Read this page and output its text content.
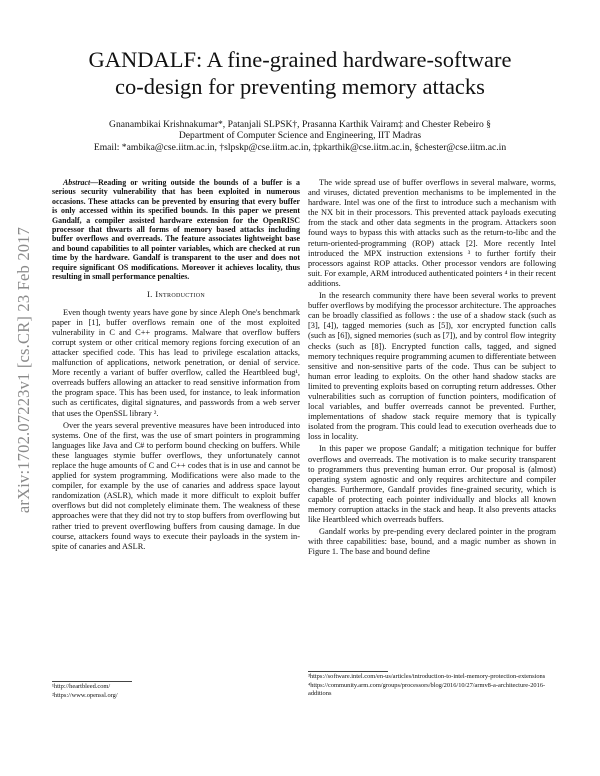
arXiv:1702.07223v1 [cs.CR] 23 Feb 2017
GANDALF: A fine-grained hardware-software
co-design for preventing memory attacks
Gnanambikai Krishnakumar*, Patanjali SLPSK†, Prasanna Karthik Vairam‡ and Chester Rebeiro §
Department of Computer Science and Engineering, IIT Madras
Email: *ambika@cse.iitm.ac.in, †slpskp@cse.iitm.ac.in, ‡pkarthik@cse.iitm.ac.in, §chester@cse.iitm.ac.in

Abstract—Reading or writing outside the bounds of a buffer is a serious security vulnerability that has been exploited in numerous occasions. These attacks can be prevented by ensuring that every buffer is only accessed within its specified bounds. In this paper we present Gandalf, a compiler assisted hardware extension for the OpenRISC processor that thwarts all forms of memory based attacks including buffer overflows and overreads. The feature associates lightweight base and bound capabilities to all pointer variables, which are checked at run time by the hardware. Gandalf is transparent to the user and does not require significant OS modifications. Moreover it achieves locality, thus resulting in small performance penalties.

I. Introduction

Even though twenty years have gone by since Aleph One's benchmark paper in [1], buffer overflows remain one of the most exploited vulnerability in C and C++ programs. Malware that overflow buffers corrupt system or other critical memory regions forcing execution of an attacker specified code. This has lead to privilege escalation attacks, malfunction of applications, network penetration, or denial of service. More recently a variant of buffer overflow, called the Heartbleed bug¹, overreads buffers allowing an attacker to read sensitive information from the program space. This has been used, for instance, to leak information such as certificates, digital signatures, and passwords from a web server that uses the OpenSSL library ².

Over the years several preventive measures have been introduced into systems. One of the first, was the use of smart pointers in programming languages like Java and C# to perform bound checking on buffers. While these languages stymie buffer overflows, they unfortunately cannot replace the huge amounts of C and C++ codes that is in use and cannot be applied for system programming. Modifications were also made to the compiler, for example by the use of canaries and address space layout randomization (ASLR), which made it more difficult to exploit buffer overflows but did not completely eliminate them. The weakness of these approaches were that they did not try to stop buffers from overflowing but rather tried to prevent overflowing buffers from causing damage. In due course, attackers found ways to execute their payloads in the system in-spite of canaries and ASLR.

The wide spread use of buffer overflows in several malware, worms, and viruses, dictated prevention mechanisms to be implemented in the hardware. Intel was one of the first to introduce such a mechanism with the NX bit in their processors. This prevented attack payloads executing from the stack and other data segments in the program. Attackers soon found ways to bypass this with attacks such as the return-to-libc and the return-oriented-programming (ROP) attack [2]. More recently Intel introduced the MPX instruction extensions ³ to further fortify their processors against ROP attacks. Other processor vendors are following suit. For example, ARM introduced authenticated pointers ⁴ in their recent additions.

In the research community there have been several works to prevent buffer overflows by modifying the processor architecture. The approaches can be broadly classified as follows : the use of a shadow stack (such as [3], [4]), tagged memories (such as [5]), xor encrypted function calls (such as [6]), signed memories (such as [7]), and by control flow integrity checks (such as [8]). Encrypted function calls, tagged, and signed memory techniques require programming acumen to differentiate between sensitive and non-sensitive parts of the code. Thus can be subject to human error leading to exploits. On the other hand shadow stacks are limited to preventing exploits based on corrupting return addresses. Other vulnerabilities such as corruption of function pointers, modification of local variables, and buffer overreads cannot be prevented. Further, implementations of shadow stack require memory that is typically isolated from the program. This could lead to execution overheads due to loss in locality.

In this paper we propose Gandalf; a mitigation technique for buffer overflows and overreads. The motivation is to make security transparent to programmers thus preventing human error. Our proposal is (almost) operating system agnostic and only requires architecture and compiler changes. Furthermore, Gandalf provides fine-grained security, which is capable of protecting each pointer individually and blocks all known memory corruption attacks in the stack and heap. It also prevents attacks like Heartbleed which overreads buffers.

Gandalf works by pre-pending every declared pointer in the program with three capabilities: base, bound, and a magic number as shown in Figure 1. The base and bound define

¹http://heartbleed.com/
²https://www.openssl.org/
³https://software.intel.com/en-us/articles/introduction-to-intel-memory-protection-extensions
⁴https://community.arm.com/groups/processors/blog/2016/10/27/armv8-a-architecture-2016-additions
